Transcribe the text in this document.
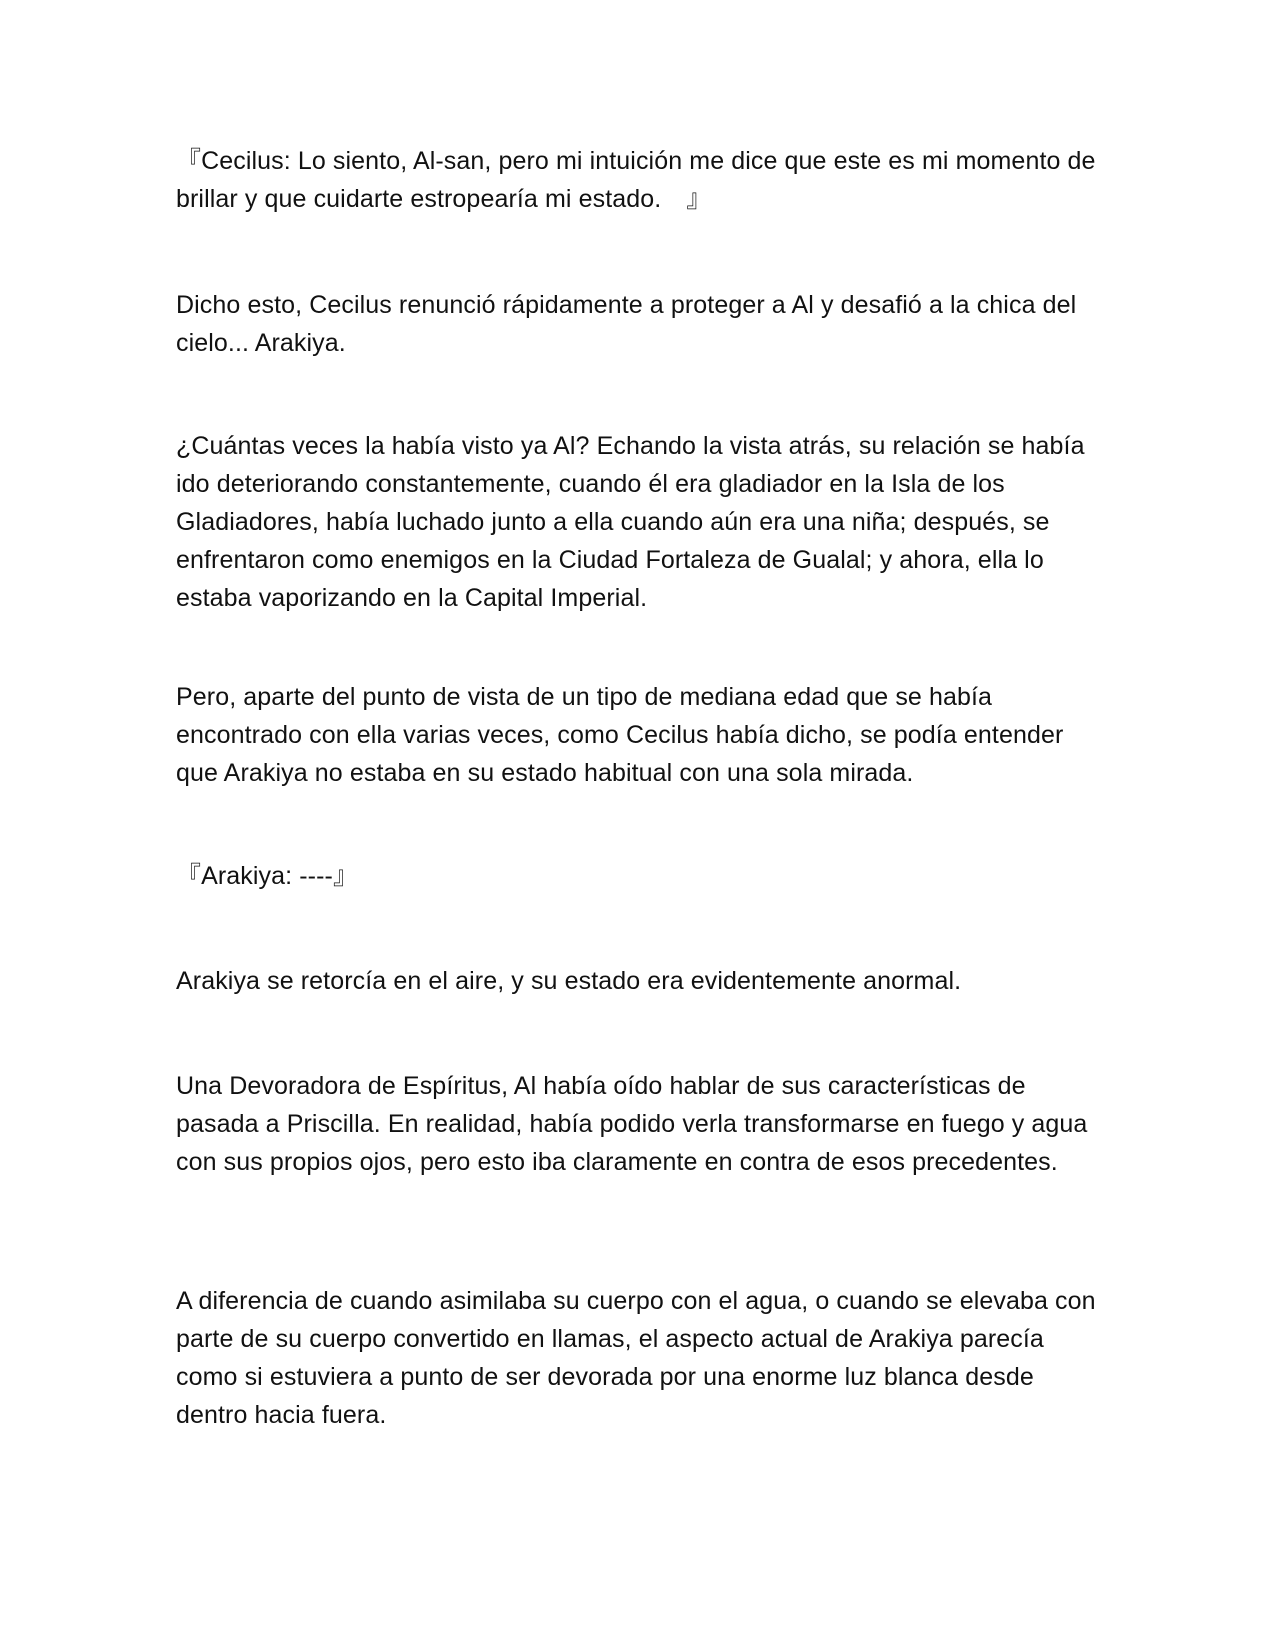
『Cecilus: Lo siento, Al-san, pero mi intuición me dice que este es mi momento de brillar y que cuidarte estropearía mi estado.　』

Dicho esto, Cecilus renunció rápidamente a proteger a Al y desafió a la chica del cielo... Arakiya.

¿Cuántas veces la había visto ya Al? Echando la vista atrás, su relación se había ido deteriorando constantemente, cuando él era gladiador en la Isla de los Gladiadores, había luchado junto a ella cuando aún era una niña; después, se enfrentaron como enemigos en la Ciudad Fortaleza de Gualal; y ahora, ella lo estaba vaporizando en la Capital Imperial.

Pero, aparte del punto de vista de un tipo de mediana edad que se había encontrado con ella varias veces, como Cecilus había dicho, se podía entender que Arakiya no estaba en su estado habitual con una sola mirada.

『Arakiya: ----』

Arakiya se retorcía en el aire, y su estado era evidentemente anormal.

Una Devoradora de Espíritus, Al había oído hablar de sus características de pasada a Priscilla. En realidad, había podido verla transformarse en fuego y agua con sus propios ojos, pero esto iba claramente en contra de esos precedentes.

A diferencia de cuando asimilaba su cuerpo con el agua, o cuando se elevaba con parte de su cuerpo convertido en llamas, el aspecto actual de Arakiya parecía como si estuviera a punto de ser devorada por una enorme luz blanca desde dentro hacia fuera.
